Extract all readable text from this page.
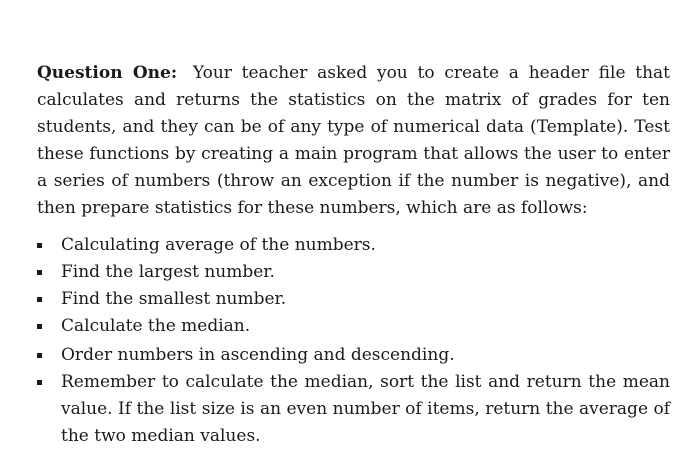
Question One: Your teacher asked you to create a header file that calculates and returns the statistics on the matrix of grades for ten students, and they can be of any type of numerical data (Template). Test these functions by creating a main program that allows the user to enter a series of numbers (throw an exception if the number is negative), and then prepare statistics for these numbers, which are as follows:

Calculating average of the numbers.
Find the largest number.
Find the smallest number.
Calculate the median.
Order numbers in ascending and descending.
Remember to calculate the median, sort the list and return the mean value. If the list size is an even number of items, return the average of the two median values.
